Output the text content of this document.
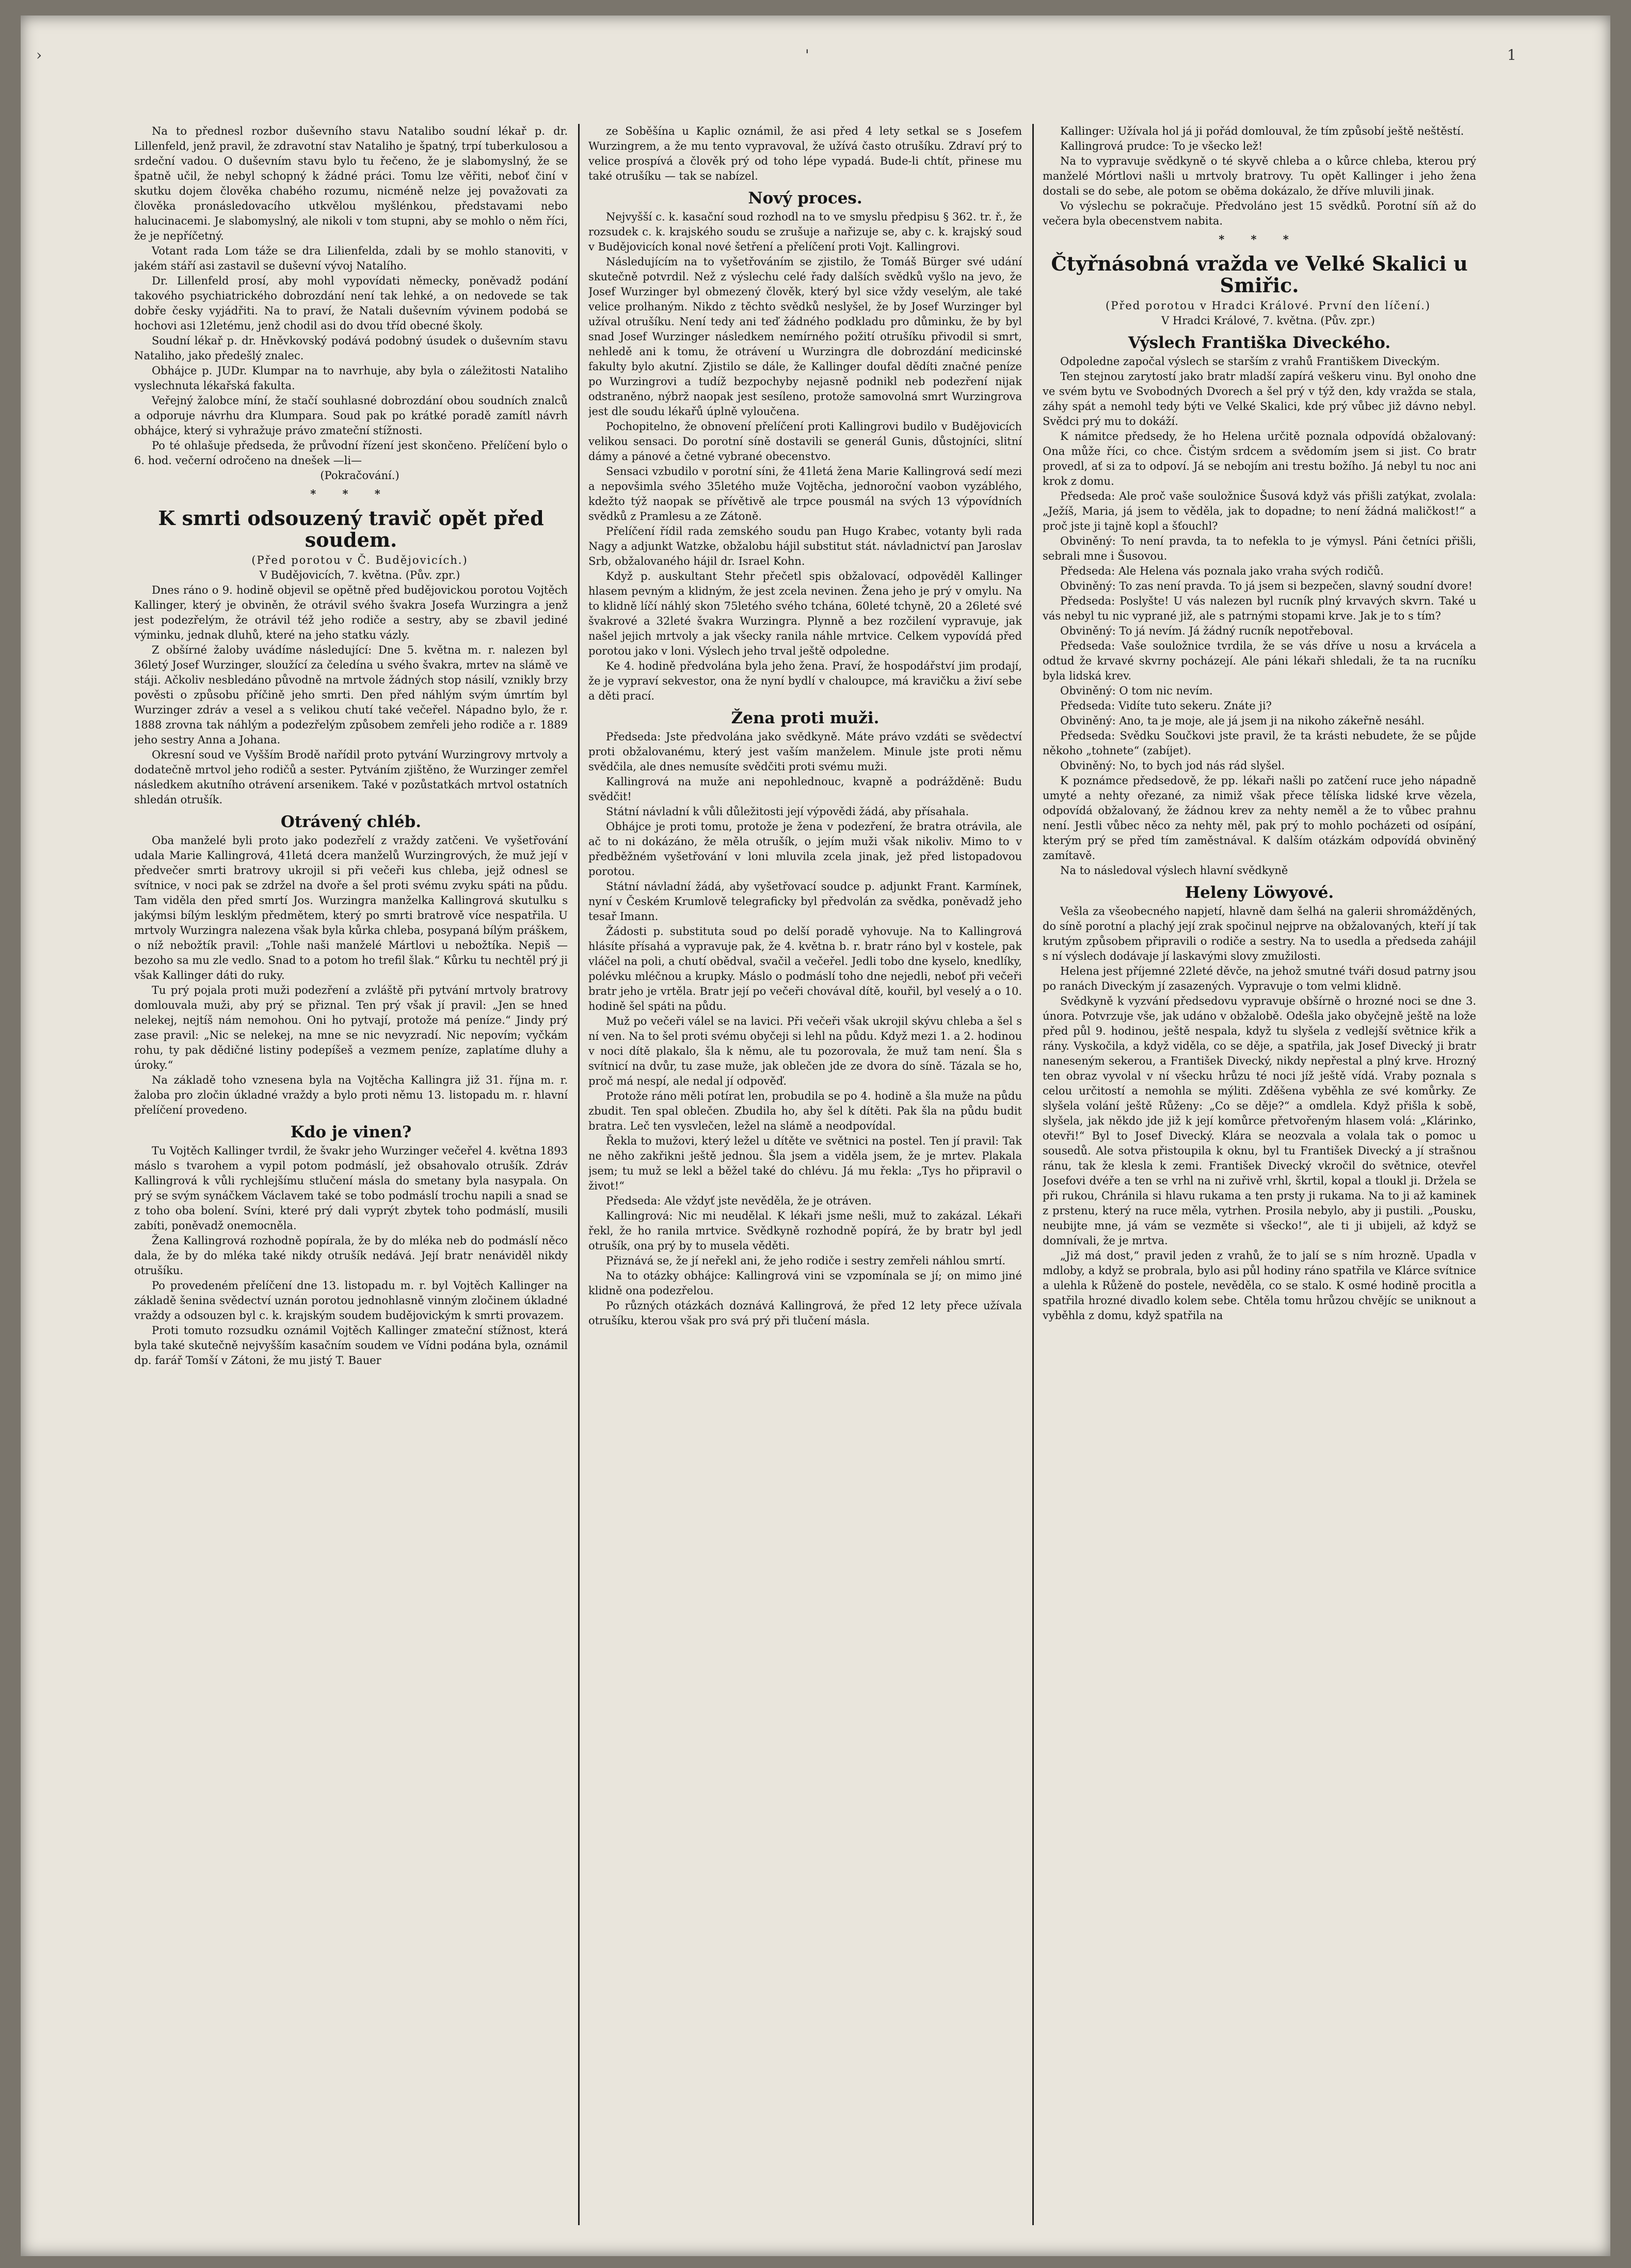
›	'	1

Na to přednesl rozbor duševního stavu Natalibo soudní lékař p. dr. Lillenfeld, jenž pravil, že zdravotní stav Nataliho je špatný, trpí tuberkulosou a srdeční vadou. O duševním stavu bylo tu řečeno, že je slabomyslný, že se špatně učil, že nebyl schopný k žádné práci. Tomu lze věřiti, neboť činí v skutku dojem člověka chabého rozumu, nicméně nelze jej považovati za člověka pronásledovacího utkvělou myšlénkou, představami nebo halucinacemi. Je slabomyslný, ale nikoli v tom stupni, aby se mohlo o něm říci, že je nepříčetný.

Votant rada Lom táže se dra Lilienfelda, zdali by se mohlo stanoviti, v jakém stáří asi zastavil se duševní vývoj Natalího.

Dr. Lillenfeld prosí, aby mohl vypovídati německy, poněvadž podání takového psychiatrického dobrozdání není tak lehké, a on nedovede se tak dobře česky vyjádřiti. Na to praví, že Natali duševním vývinem podobá se hochovi asi 12letému, jenž chodil asi do dvou tříd obecné školy.

Soudní lékař p. dr. Hněvkovský podává podobný úsudek o duševním stavu Nataliho, jako předešlý znalec.

Obhájce p. JUDr. Klumpar na to navrhuje, aby byla o záležitosti Nataliho vyslechnuta lékařská fakulta.

Veřejný žalobce míní, že stačí souhlasné dobrozdání obou soudních znalců a odporuje návrhu dra Klumpara. Soud pak po krátké poradě zamítl návrh obhájce, který si vyhražuje právo zmateční stížnosti.

Po té ohlašuje předseda, že průvodní řízení jest skončeno. Přelíčení bylo o 6. hod. večerní odročeno na dnešek —li—

(Pokračování.)

* * *
K smrti odsouzený travič opět před soudem.

(Před porotou v Č. Budějovicích.)

V Budějovicích, 7. května. (Pův. zpr.)

Dnes ráno o 9. hodině objevil se opětně před budějovickou porotou Vojtěch Kallinger, který je obviněn, že otrávil svého švakra Josefa Wurzingra a jenž jest podezřelým, že otrávil též jeho rodiče a sestry, aby se zbavil jediné výminku, jednak dluhů, které na jeho statku vázly.

Z obšírné žaloby uvádíme následující: Dne 5. května m. r. nalezen byl 36letý Josef Wurzinger, sloužící za čeledína u svého švakra, mrtev na slámě ve stáji. Ačkoliv nesbledáno původně na mrtvole žádných stop násilí, vznikly brzy pověsti o způsobu příčině jeho smrti. Den před náhlým svým úmrtím byl Wurzinger zdráv a vesel a s velikou chutí také večeřel. Nápadno bylo, že r. 1888 zrovna tak náhlým a podezřelým způsobem zemřeli jeho rodiče a r. 1889 jeho sestry Anna a Johana.

Okresní soud ve Vyšším Brodě nařídil proto pytvání Wurzingrovy mrtvoly a dodatečně mrtvol jeho rodičů a sester. Pytváním zjištěno, že Wurzinger zemřel následkem akutního otrávení arsenikem. Také v pozůstatkách mrtvol ostatních shledán otrušík.

Otrávený chléb.

Oba manželé byli proto jako podezřelí z vraždy zatčeni. Ve vyšetřování udala Marie Kallingrová, 41letá dcera manželů Wurzingrových, že muž její v předvečer smrti bratrovy ukrojil si při večeři kus chleba, jejž odnesl se svítnice, v noci pak se zdržel na dvoře a šel proti svému zvyku spáti na půdu. Tam viděla den před smrtí Jos. Wurzingra manželka Kallingrová skutulku s jakýmsi bílým lesklým předmětem, který po smrti bratrově více nespatřila. U mrtvoly Wurzingra nalezena však byla kůrka chleba, posypaná bílým práškem, o níž nebožtík pravil: „Tohle naši manželé Mártlovi u nebožtíka. Nepiš — bezoho sa mu zle vedlo. Snad to a potom ho trefil šlak.“ Kůrku tu nechtěl prý ji však Kallinger dáti do ruky.

Tu prý pojala proti muži podezření a zvláště při pytvání mrtvoly bratrovy domlouvala muži, aby prý se přiznal. Ten prý však jí pravil: „Jen se hned nelekej, nejtíš nám nemohou. Oni ho pytvají, protože má peníze.“ Jindy prý zase pravil: „Nic se nelekej, na mne se nic nevyzradí. Nic nepovím; vyčkám rohu, ty pak dědičné listiny podepíšeš a vezmem peníze, zaplatíme dluhy a úroky.“

Na základě toho vznesena byla na Vojtěcha Kallingra již 31. října m. r. žaloba pro zločin úkladné vraždy a bylo proti němu 13. listopadu m. r. hlavní přelíčení provedeno.

Kdo je vinen?

Tu Vojtěch Kallinger tvrdil, že švakr jeho Wurzinger večeřel 4. května 1893 máslo s tvarohem a vypil potom podmáslí, jež obsahovalo otrušík. Zdráv Kallingrová k vůli rychlejšímu stlučení másla do smetany byla nasypala. On prý se svým synáčkem Václavem také se tobo podmáslí trochu napili a snad se z toho oba bolení. Svíni, které prý dali vyprýt zbytek toho podmáslí, musili zabíti, poněvadž onemocněla.

Žena Kallingrová rozhodně popírala, že by do mléka neb do podmáslí něco dala, že by do mléka také nikdy otrušík nedává. Její bratr nenáviděl nikdy otrušíku.

Po provedeném přelíčení dne 13. listopadu m. r. byl Vojtěch Kallinger na základě šenina svědectví uznán porotou jednohlasně vinným zločinem úkladné vraždy a odsouzen byl c. k. krajským soudem budějovickým k smrti provazem.

Proti tomuto rozsudku oznámil Vojtěch Kallinger zmateční stížnost, která byla také skutečně nejvyšším kasačním soudem ve Vídni podána byla, oznámil dp. farář Tomší v Zátoni, že mu jistý T. Bauer

ze Soběšína u Kaplic oznámil, že asi před 4 lety setkal se s Josefem Wurzingrem, a že mu tento vypravoval, že užívá často otrušíku. Zdraví prý to velice prospívá a člověk prý od toho lépe vypadá. Bude-li chtít, přinese mu také otrušíku — tak se nabízel.

Nový proces.

Nejvyšší c. k. kasační soud rozhodl na to ve smyslu předpisu § 362. tr. ř., že rozsudek c. k. krajského soudu se zrušuje a nařizuje se, aby c. k. krajský soud v Budějovicích konal nové šetření a přelíčení proti Vojt. Kallingrovi.

Následujícím na to vyšetřováním se zjistilo, že Tomáš Bürger své udání skutečně potvrdil. Než z výslechu celé řady dalších svědků vyšlo na jevo, že Josef Wurzinger byl obmezený člověk, který byl sice vždy veselým, ale také velice prolhaným. Nikdo z těchto svědků neslyšel, že by Josef Wurzinger byl užíval otrušíku. Není tedy ani teď žádného podkladu pro důminku, že by byl snad Josef Wurzinger následkem nemírného požití otrušíku přivodil si smrt, nehledě ani k tomu, že otrávení u Wurzingra dle dobrozdání medicinské fakulty bylo akutní. Zjistilo se dále, že Kallinger doufal dědíti značné peníze po Wurzingrovi a tudíž bezpochyby nejasně podnikl neb podezření nijak odstraněno, nýbrž naopak jest sesíleno, protože samovolná smrt Wurzingrova jest dle soudu lékařů úplně vyloučena.

Pochopitelno, že obnovení přelíčení proti Kallingrovi budilo v Budějovicích velikou sensaci. Do porotní síně dostavili se generál Gunis, důstojníci, slitní dámy a pánové a četné vybrané obecenstvo.

Sensaci vzbudilo v porotní síni, že 41letá žena Marie Kallingrová sedí mezi a nepovšimla svého 35letého muže Vojtěcha, jednoroční vaobon vyzáblého, kdežto týž naopak se přívětivě ale trpce pousmál na svých 13 výpovídních svědků z Pramlesu a ze Zátoně.

Přelíčení řídil rada zemského soudu pan Hugo Krabec, votanty byli rada Nagy a adjunkt Watzke, obžalobu hájil substitut stát. návladnictví pan Jaroslav Srb, obžalovaného hájil dr. Israel Kohn.

Když p. auskultant Stehr přečetl spis obžalovací, odpověděl Kallinger hlasem pevným a klidným, že jest zcela nevinen. Žena jeho je prý v omylu. Na to klidně líčí náhlý skon 75letého svého tchána, 60leté tchyně, 20 a 26leté své švakrové a 32leté švakra Wurzingra. Plynně a bez rozčilení vypravuje, jak našel jejich mrtvoly a jak všecky ranila náhle mrtvice. Celkem vypovídá před porotou jako v loni. Výslech jeho trval ještě odpoledne.

Ke 4. hodině předvolána byla jeho žena. Praví, že hospodářství jim prodají, že je vypraví sekvestor, ona že nyní bydlí v chaloupce, má kravičku a živí sebe a děti prací.

Žena proti muži.

Předseda: Jste předvolána jako svědkyně. Máte právo vzdáti se svědectví proti obžalovanému, který jest vaším manželem. Minule jste proti němu svědčila, ale dnes nemusíte svědčiti proti svému muži.

Kallingrová na muže ani nepohlednouc, kvapně a podrážděně: Budu svědčit!

Státní návladní k vůli důležitosti její výpovědi žádá, aby přísahala.

Obhájce je proti tomu, protože je žena v podezření, že bratra otrávila, ale ač to ni dokázáno, že měla otrušík, o jejím muži však nikoliv. Mimo to v předběžném vyšetřování v loni mluvila zcela jinak, jež před listopadovou porotou.

Státní návladní žádá, aby vyšetřovací soudce p. adjunkt Frant. Karmínek, nyní v Českém Krumlově telegraficky byl předvolán za svědka, poněvadž jeho tesař Imann.

Žádosti p. substituta soud po delší poradě vyhovuje. Na to Kallingrová hlásíte přísahá a vypravuje pak, že 4. května b. r. bratr ráno byl v kostele, pak vláčel na poli, a chutí obědval, svačil a večeřel. Jedli tobo dne kyselo, knedlíky, polévku mléčnou a krupky. Máslo o podmáslí toho dne nejedli, neboť při večeři bratr jeho je vrtěla. Bratr její po večeři chovával dítě, kouřil, byl veselý a o 10. hodině šel spáti na půdu.

Muž po večeři válel se na lavici. Při večeři však ukrojil skývu chleba a šel s ní ven. Na to šel proti svému obyčeji si lehl na půdu. Když mezi 1. a 2. hodinou v noci dítě plakalo, šla k němu, ale tu pozorovala, že muž tam není. Šla s svítnicí na dvůr, tu zase muže, jak oblečen jde ze dvora do síně. Tázala se ho, proč má nespí, ale nedal jí odpověď.

Protože ráno měli potírat len, probudila se po 4. hodině a šla muže na půdu zbudit. Ten spal oblečen. Zbudila ho, aby šel k dítěti. Pak šla na půdu budit bratra. Leč ten vysvlečen, ležel na slámě a neodpovídal.

Řekla to mužovi, který ležel u dítěte ve světnici na postel. Ten jí pravil: Tak ne něho zakřikni ještě jednou. Šla jsem a viděla jsem, že je mrtev. Plakala jsem; tu muž se lekl a běžel také do chlévu. Já mu řekla: „Tys ho připravil o život!“

Předseda: Ale vždyť jste nevěděla, že je otráven.

Kallingrová: Nic mi neudělal. K lékaři jsme nešli, muž to zakázal. Lékaři řekl, že ho ranila mrtvice. Svědkyně rozhodně popírá, že by bratr byl jedl otrušík, ona prý by to musela věděti.

Přiznává se, že jí neřekl ani, že jeho rodiče i sestry zemřeli náhlou smrtí.

Na to otázky obhájce: Kallingrová vini se vzpomínala se jí; on mimo jiné klidně ona podezřelou.

Po různých otázkách doznává Kallingrová, že před 12 lety přece užívala otrušíku, kterou však pro svá prý při tlučení másla.

Kallinger: Užívala hol já ji pořád domlouval, že tím způsobí ještě neštěstí.

Kallingrová prudce: To je všecko lež!

Na to vypravuje svědkyně o té skyvě chleba a o kůrce chleba, kterou prý manželé Mórtlovi našli u mrtvoly bratrovy. Tu opět Kallinger i jeho žena dostali se do sebe, ale potom se oběma dokázalo, že dříve mluvili jinak.

Vo výslechu se pokračuje. Předvoláno jest 15 svědků. Porotní síň až do večera byla obecenstvem nabita.

* * *
Čtyřnásobná vražda ve Velké Skalici u Smiřic.

(Před porotou v Hradci Králové. První den líčení.)

V Hradci Králové, 7. května. (Pův. zpr.)

Výslech Františka Diveckého.

Odpoledne započal výslech se starším z vrahů Františkem Diveckým.

Ten stejnou zarytostí jako bratr mladší zapírá veškeru vinu. Byl onoho dne ve svém bytu ve Svobodných Dvorech a šel prý v týž den, kdy vražda se stala, záhy spát a nemohl tedy býti ve Velké Skalici, kde prý vůbec již dávno nebyl. Svědci prý mu to dokáží.

K námitce předsedy, že ho Helena určitě poznala odpovídá obžalovaný: Ona může říci, co chce. Čistým srdcem a svědomím jsem si jist. Co bratr provedl, ať si za to odpoví. Já se nebojím ani trestu božího. Já nebyl tu noc ani krok z domu.

Předseda: Ale proč vaše souložnice Šusová když vás přišli zatýkat, zvolala: „Ježíš, Maria, já jsem to věděla, jak to dopadne; to není žádná maličkost!“ a proč jste ji tajně kopl a šťouchl?

Obviněný: To není pravda, ta to nefekla to je výmysl. Páni četníci přišli, sebrali mne i Šusovou.

Předseda: Ale Helena vás poznala jako vraha svých rodičů.

Obviněný: To zas není pravda. To já jsem si bezpečen, slavný soudní dvore!

Předseda: Poslyšte! U vás nalezen byl rucník plný krvavých skvrn. Také u vás nebyl tu nic vyprané již, ale s patrnými stopami krve. Jak je to s tím?

Obviněný: To já nevím. Já žádný rucník nepotřeboval.

Předseda: Vaše souložnice tvrdila, že se vás dříve u nosu a krvácela a odtud že krvavé skvrny pocházejí. Ale páni lékaři shledali, že ta na rucníku byla lidská krev.

Obviněný: O tom nic nevím.

Předseda: Vidíte tuto sekeru. Znáte ji?

Obviněný: Ano, ta je moje, ale já jsem ji na nikoho zákeřně nesáhl.

Předseda: Svědku Součkovi jste pravil, že ta krásti nebudete, že se půjde někoho „tohnete“ (zabíjet).

Obviněný: No, to bych jod nás rád slyšel.

K poznámce předsedově, že pp. lékaři našli po zatčení ruce jeho nápadně umyté a nehty ořezané, za nimiž však přece tělíska lidské krve vězela, odpovídá obžalovaný, že žádnou krev za nehty neměl a že to vůbec prahnu není. Jestli vůbec něco za nehty měl, pak prý to mohlo pocházeti od osípání, kterým prý se před tím zaměstnával. K dalším otázkám odpovídá obviněný zamítavě.

Na to následoval výslech hlavní svědkyně

Heleny Löwyové.

Vešla za všeobecného napjetí, hlavně dam šelhá na galerii shromážděných, do síně porotní a plachý její zrak spočinul nejprve na obžalovaných, kteří jí tak krutým způsobem připravili o rodiče a sestry. Na to usedla a předseda zahájil s ní výslech dodávaje jí laskavými slovy zmužilosti.

Helena jest příjemné 22leté děvče, na jehož smutné tváři dosud patrny jsou po ranách Diveckým jí zasazených. Vypravuje o tom velmi klidně.

Svědkyně k vyzvání předsedovu vypravuje obšírně o hrozné noci se dne 3. února. Potvrzuje vše, jak udáno v obžalobě. Odešla jako obyčejně ještě na lože před půl 9. hodinou, ještě nespala, když tu slyšela z vedlejší světnice křik a rány. Vyskočila, a když viděla, co se děje, a spatřila, jak Josef Divecký ji bratr naneseným sekerou, a František Divecký, nikdy nepřestal a plný krve. Hrozný ten obraz vyvolal v ní všecku hrůzu té noci jíž ještě vídá. Vraby poznala s celou určitostí a nemohla se mýliti. Zděšena vyběhla ze své komůrky. Ze slyšela volání ještě Růženy: „Co se děje?“ a omdlela. Když přišla k sobě, slyšela, jak někdo jde již k její komůrce přetvořeným hlasem volá: „Klárinko, otevři!“ Byl to Josef Divecký. Klára se neozvala a volala tak o pomoc u sousedů. Ale sotva přistoupila k oknu, byl tu František Divecký a jí strašnou ránu, tak že klesla k zemi. František Divecký vkročil do světnice, otevřel Josefovi dvéře a ten se vrhl na ni zuřivě vrhl, škrtil, kopal a tloukl ji. Držela se při rukou, Chránila si hlavu rukama a ten prsty ji rukama. Na to ji až kaminek z prstenu, který na ruce měla, vytrhen. Prosila nebylo, aby ji pustili. „Pousku, neubijte mne, já vám se vezměte si všecko!“, ale ti ji ubijeli, až když se domnívali, že je mrtva.

„Již má dost,“ pravil jeden z vrahů, že to jalí se s ním hrozně. Upadla v mdloby, a když se probrala, bylo asi půl hodiny ráno spatřila ve Klárce svítnice a ulehla k Růženě do postele, nevěděla, co se stalo. K osmé hodině procitla a spatřila hrozné divadlo kolem sebe. Chtěla tomu hrůzou chvějíc se uniknout a vyběhla z domu, když spatřila na
